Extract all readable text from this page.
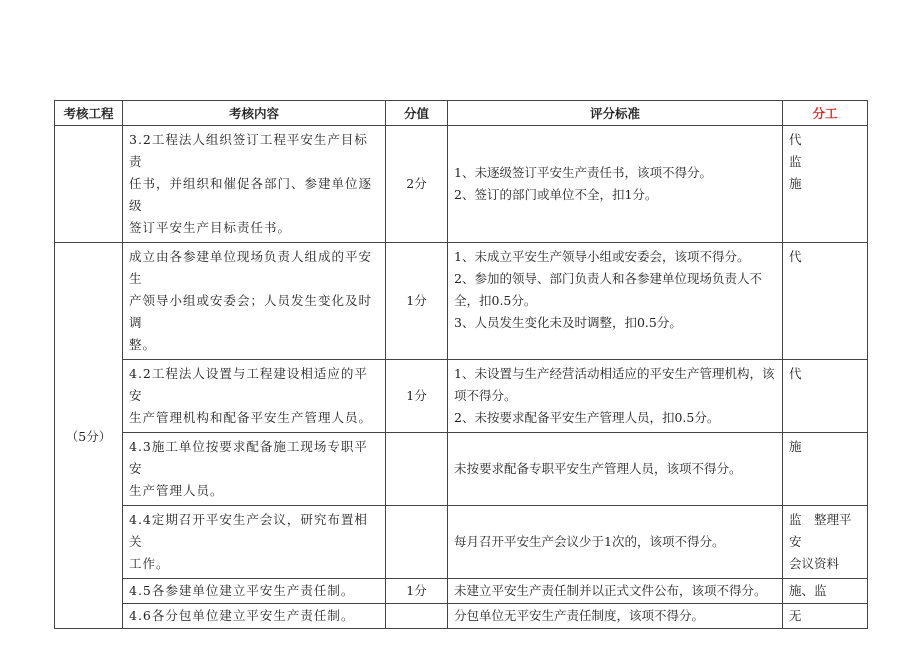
考核工程	考核内容	分值	评分标准	分工

	3.2工程法人组织签订工程平安生产目标责
任书，并组织和催促各部门、参建单位逐级
签订平安生产目标责任书。	2分	1、未逐级签订平安生产责任书，该项不得分。
2、签订的部门或单位不全，扣1分。	代
监
施

（5分）	成立由各参建单位现场负责人组成的平安生
产领导小组或安委会；人员发生变化及时调
整。	1分	1、未成立平安生产领导小组或安委会，该项不得分。
2、参加的领导、部门负责人和各参建单位现场负责人不全，扣0.5分。
3、人员发生变化未及时调整，扣0.5分。	代

	4.2工程法人设置与工程建设相适应的平安
生产管理机构和配备平安生产管理人员。	1分	1、未设置与生产经营活动相适应的平安生产管理机构，该项不得分。
2、未按要求配备平安生产管理人员，扣0.5分。	代

	4.3施工单位按要求配备施工现场专职平安
生产管理人员。		未按要求配备专职平安生产管理人员，该项不得分。	施

	4.4定期召开平安生产会议，研究布置相关
工作。		每月召开平安生产会议少于1次的，该项不得分。	监　整理平安
会议资料

	4.5各参建单位建立平安生产责任制。	1分	未建立平安生产责任制并以正式文件公布，该项不得分。	施、监

	4.6各分包单位建立平安生产责任制。		分包单位无平安生产责任制度，该项不得分。	无
